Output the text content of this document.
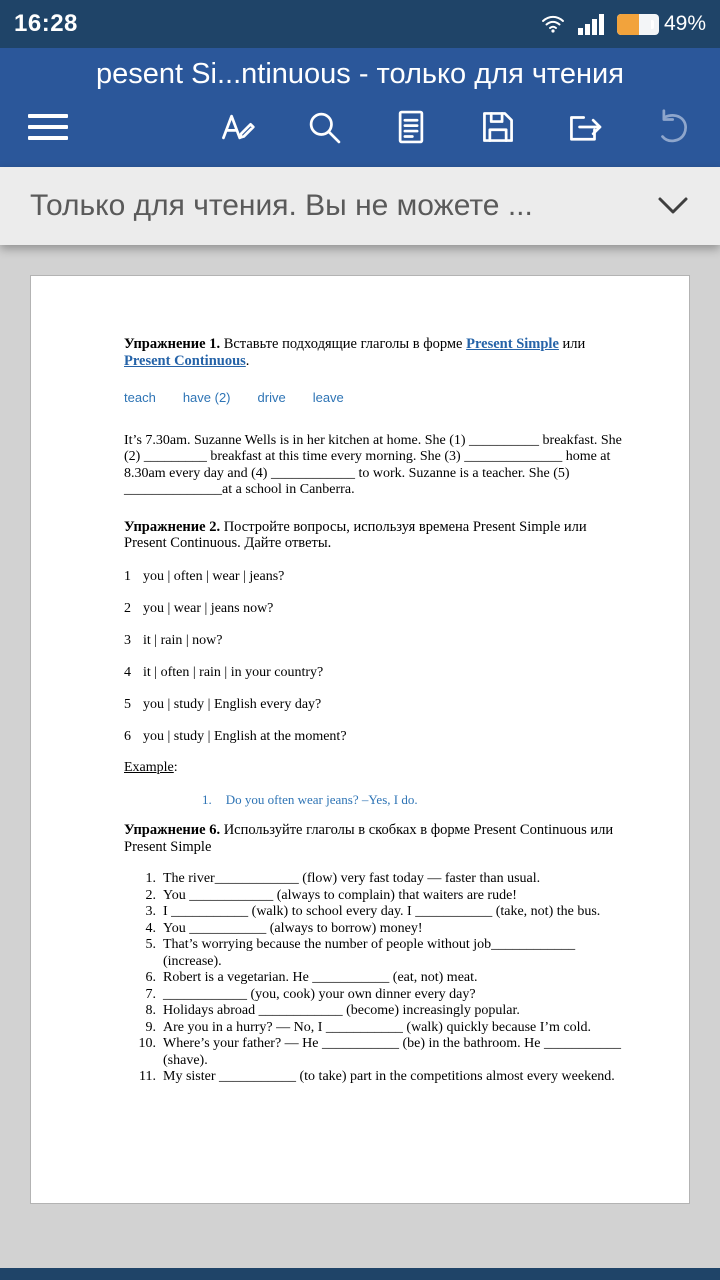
16:28	49%
pesent Si...ntinuous - только для чтения
Только для чтения. Вы не можете ...
Упражнение 1. Вставьте подходящие глаголы в форме Present Simple или Present Continuous.
teach have (2) drive leave
It’s 7.30am. Suzanne Wells is in her kitchen at home. She (1) __________ breakfast. She (2) _________ breakfast at this time every morning. She (3) ______________ home at 8.30am every day and (4) ____________ to work. Suzanne is a teacher. She (5) ______________at a school in Canberra.
Упражнение 2. Постройте вопросы, используя времена Present Simple или Present Continuous. Дайте ответы.
1 you | often | wear | jeans?
2 you | wear | jeans now?
3 it | rain | now?
4 it | often | rain | in your country?
5 you | study | English every day?
6 you | study | English at the moment?
Example:
1. Do you often wear jeans? –Yes, I do.
Упражнение 6. Используйте глаголы в скобках в форме Present Continuous или Present Simple
1. The river____________ (flow) very fast today — faster than usual.
2. You ____________ (always to complain) that waiters are rude!
3. I ___________ (walk) to school every day. I ___________ (take, not) the bus.
4. You ___________ (always to borrow) money!
5. That’s worrying because the number of people without job____________ (increase).
6. Robert is a vegetarian. He ___________ (eat, not) meat.
7. ____________ (you, cook) your own dinner every day?
8. Holidays abroad ____________ (become) increasingly popular.
9. Are you in a hurry? — No, I ___________ (walk) quickly because I’m cold.
10. Where’s your father? — He ___________ (be) in the bathroom. He ___________ (shave).
11. My sister ___________ (to take) part in the competitions almost every weekend.
